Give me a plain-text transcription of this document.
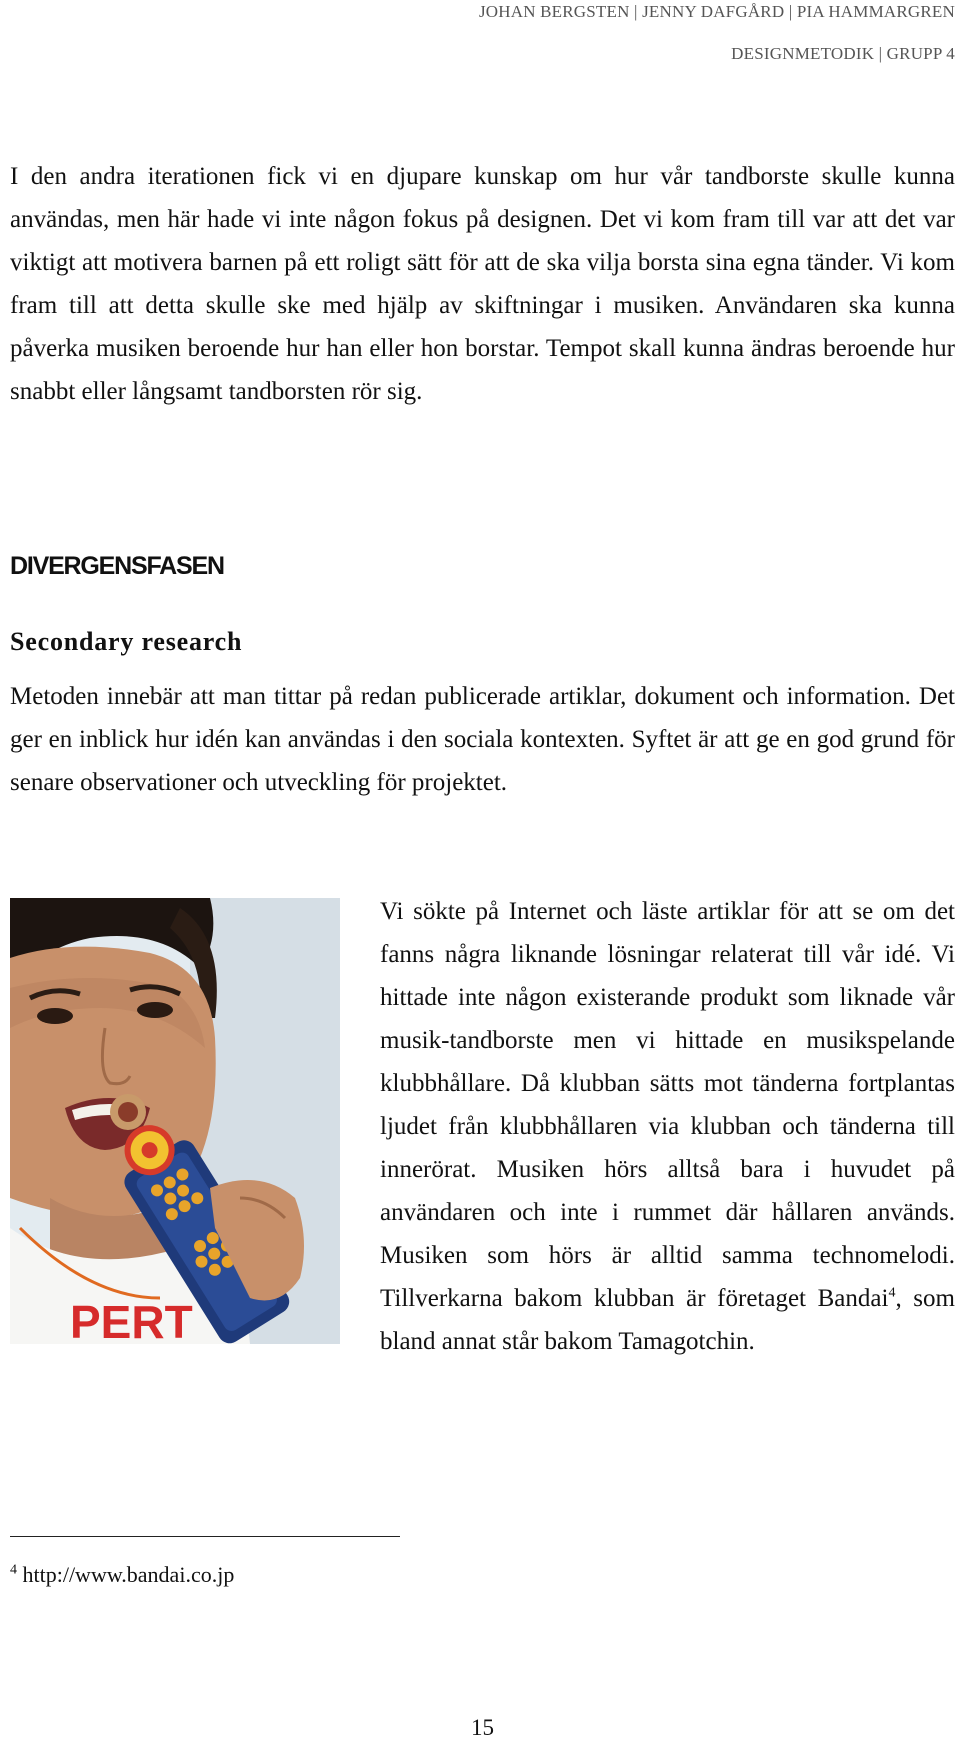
JOHAN BERGSTEN | JENNY DAFGÅRD | PIA HAMMARGREN
DESIGNMETODIK | GRUPP 4

I den andra iterationen fick vi en djupare kunskap om hur vår tandborste skulle kunna användas, men här hade vi inte någon fokus på designen. Det vi kom fram till var att det var viktigt att motivera barnen på ett roligt sätt för att de ska vilja borsta sina egna tänder. Vi kom fram till att detta skulle ske med hjälp av skiftningar i musiken. Användaren ska kunna påverka musiken beroende hur han eller hon borstar. Tempot skall kunna ändras beroende hur snabbt eller långsamt tandborsten rör sig.

DIVERGENSFASEN
Secondary research

Metoden innebär att man tittar på redan publicerade artiklar, dokument och information. Det ger en inblick hur idén kan användas i den sociala kontexten. Syftet är att ge en god grund för senare observationer och utveckling för projektet.

PERT

Vi sökte på Internet och läste artiklar för att se om det fanns några liknande lösningar relaterat till vår idé. Vi hittade inte någon existerande produkt som liknade vår musik-tandborste men vi hittade en musikspelande klubbhållare. Då klubban sätts mot tänderna fortplantas ljudet från klubbhållaren via klubban och tänderna till innerörat. Musiken hörs alltså bara i huvudet på användaren och inte i rummet där hållaren används. Musiken som hörs är alltid samma technomelodi. Tillverkarna bakom klubban är företaget Bandai$^4$, som bland annat står bakom Tamagotchin.

$^4$ http://www.bandai.co.jp
15
